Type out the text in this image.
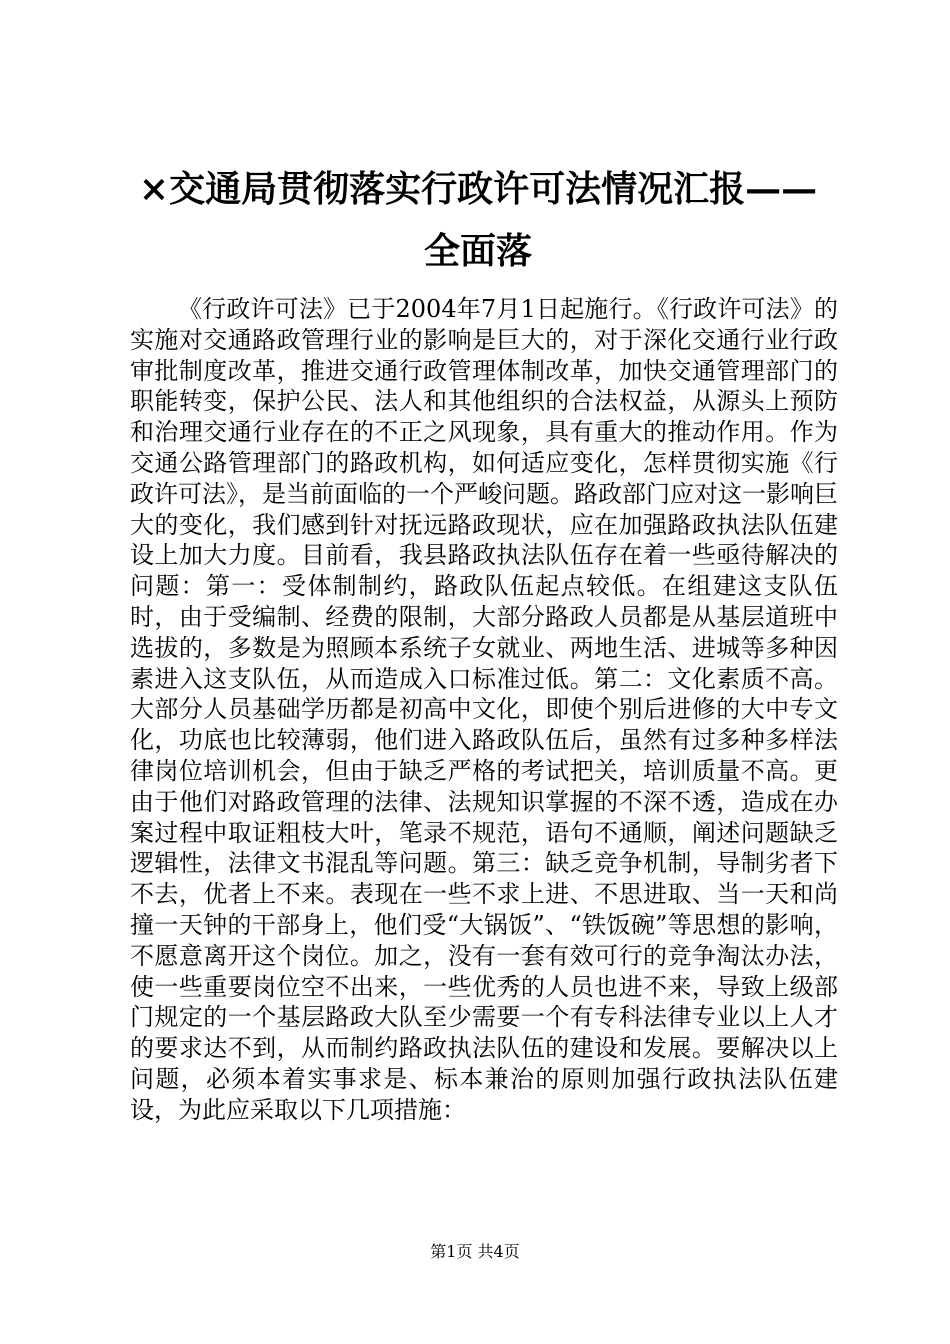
×交通局贯彻落实行政许可法情况汇报——全面落

《行政许可法》已于2004年7月1日起施行。《行政许可法》的实施对交通路政管理行业的影响是巨大的，对于深化交通行业行政审批制度改革，推进交通行政管理体制改革，加快交通管理部门的职能转变，保护公民、法人和其他组织的合法权益，从源头上预防和治理交通行业存在的不正之风现象，具有重大的推动作用。作为交通公路管理部门的路政机构，如何适应变化，怎样贯彻实施《行政许可法》，是当前面临的一个严峻问题。路政部门应对这一影响巨大的变化，我们感到针对抚远路政现状，应在加强路政执法队伍建设上加大力度。目前看，我县路政执法队伍存在着一些亟待解决的问题：第一：受体制制约，路政队伍起点较低。在组建这支队伍时，由于受编制、经费的限制，大部分路政人员都是从基层道班中选拔的，多数是为照顾本系统子女就业、两地生活、进城等多种因素进入这支队伍，从而造成入口标准过低。第二：文化素质不高。大部分人员基础学历都是初高中文化，即使个别后进修的大中专文化，功底也比较薄弱，他们进入路政队伍后，虽然有过多种多样法律岗位培训机会，但由于缺乏严格的考试把关，培训质量不高。更由于他们对路政管理的法律、法规知识掌握的不深不透，造成在办案过程中取证粗枝大叶，笔录不规范，语句不通顺，阐述问题缺乏逻辑性，法律文书混乱等问题。第三：缺乏竞争机制，导制劣者下不去，优者上不来。表现在一些不求上进、不思进取、当一天和尚撞一天钟的干部身上，他们受“大锅饭”、“铁饭碗”等思想的影响，不愿意离开这个岗位。加之，没有一套有效可行的竞争淘汰办法，使一些重要岗位空不出来，一些优秀的人员也进不来，导致上级部门规定的一个基层路政大队至少需要一个有专科法律专业以上人才的要求达不到，从而制约路政执法队伍的建设和发展。要解决以上问题，必须本着实事求是、标本兼治的原则加强行政执法队伍建设，为此应采取以下几项措施：

第1页 共4页
